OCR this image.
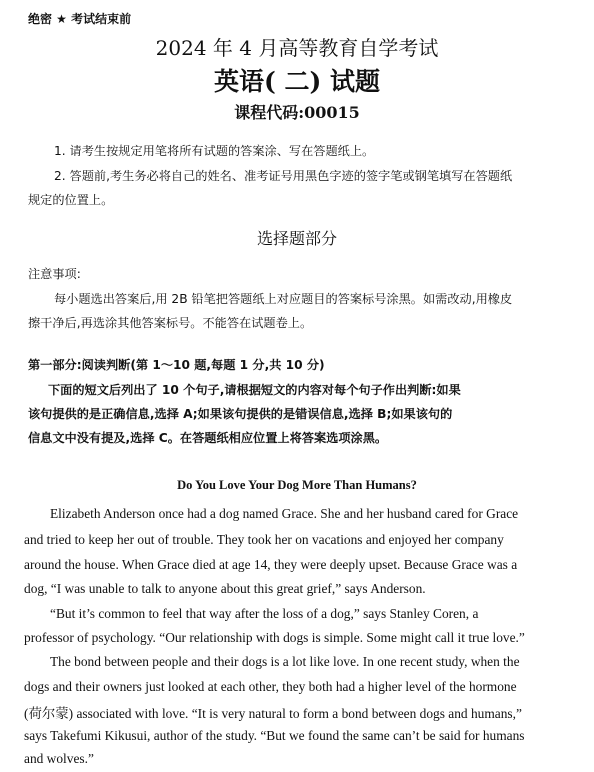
绝密 ★ 考试结束前
2024 年 4 月高等教育自学考试
英语( 二) 试题
课程代码:00015
1. 请考生按规定用笔将所有试题的答案涂、写在答题纸上。
2. 答题前,考生务必将自己的姓名、准考证号用黑色字迹的签字笔或钢笔填写在答题纸
规定的位置上。
选择题部分
注意事项:
每小题选出答案后,用 2B 铅笔把答题纸上对应题目的答案标号涂黑。如需改动,用橡皮
擦干净后,再选涂其他答案标号。不能答在试题卷上。
第一部分:阅读判断(第 1～10 题,每题 1 分,共 10 分)
下面的短文后列出了 10 个句子,请根据短文的内容对每个句子作出判断:如果
该句提供的是正确信息,选择 A;如果该句提供的是错误信息,选择 B;如果该句的
信息文中没有提及,选择 C。在答题纸相应位置上将答案选项涂黑。
Do You Love Your Dog More Than Humans?
Elizabeth Anderson once had a dog named Grace. She and her husband cared for Grace
and tried to keep her out of trouble. They took her on vacations and enjoyed her company
around the house. When Grace died at age 14, they were deeply upset. Because Grace was a
dog, “I was unable to talk to anyone about this great grief,” says Anderson.
“But it’s common to feel that way after the loss of a dog,” says Stanley Coren, a
professor of psychology. “Our relationship with dogs is simple. Some might call it true love.”
The bond between people and their dogs is a lot like love. In one recent study, when the
dogs and their owners just looked at each other, they both had a higher level of the hormone
(荷尔蒙) associated with love. “It is very natural to form a bond between dogs and humans,”
says Takefumi Kikusui, author of the study. “But we found the same can’t be said for humans
and wolves.”
